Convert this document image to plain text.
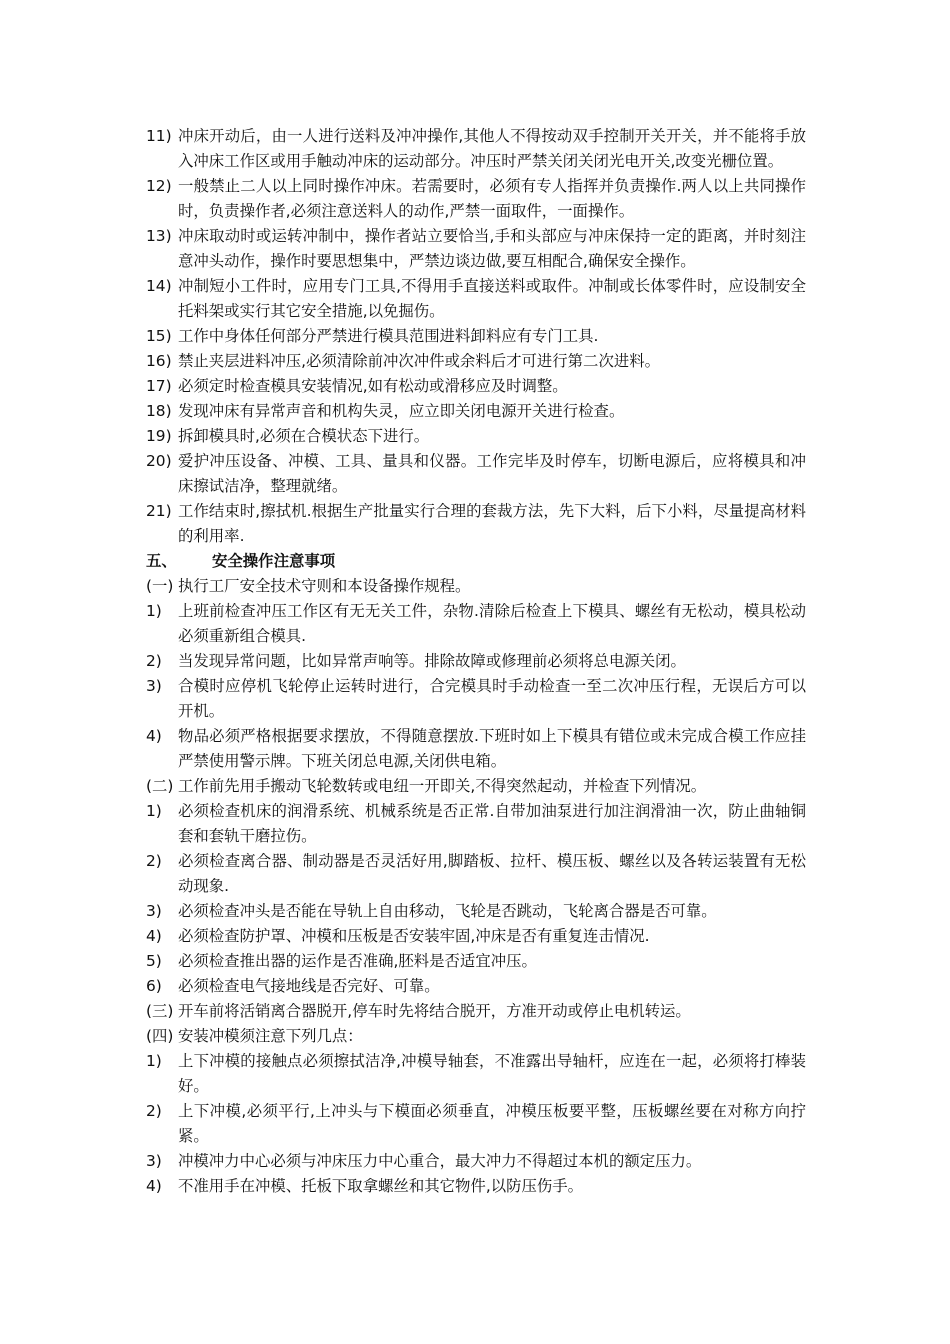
11) 冲床开动后，由一人进行送料及冲冲操作,其他人不得按动双手控制开关开关，并不能将手放入冲床工作区或用手触动冲床的运动部分。冲压时严禁关闭关闭光电开关,改变光栅位置。
12) 一般禁止二人以上同时操作冲床。若需要时，必须有专人指挥并负责操作.两人以上共同操作时，负责操作者,必须注意送料人的动作,严禁一面取件，一面操作。
13) 冲床取动时或运转冲制中，操作者站立要恰当,手和头部应与冲床保持一定的距离，并时刻注意冲头动作，操作时要思想集中，严禁边谈边做,要互相配合,确保安全操作。
14) 冲制短小工件时，应用专门工具,不得用手直接送料或取件。冲制或长体零件时，应设制安全托料架或实行其它安全措施,以免掘伤。
15) 工作中身体任何部分严禁进行模具范围进料卸料应有专门工具.
16) 禁止夹层进料冲压,必须清除前冲次冲件或余料后才可进行第二次进料。
17) 必须定时检查模具安装情况,如有松动或滑移应及时调整。
18) 发现冲床有异常声音和机构失灵，应立即关闭电源开关进行检查。
19) 拆卸模具时,必须在合模状态下进行。
20) 爱护冲压设备、冲模、工具、量具和仪器。工作完毕及时停车，切断电源后，应将模具和冲床擦试洁净，整理就绪。
21) 工作结束时,擦拭机.根据生产批量实行合理的套裁方法，先下大料，后下小料，尽量提高材料的利用率.
五、	安全操作注意事项
(一) 执行工厂安全技术守则和本设备操作规程。
1)	上班前检查冲压工作区有无无关工件，杂物.清除后检查上下模具、螺丝有无松动，模具松动必须重新组合模具.
2)	当发现异常问题，比如异常声响等。排除故障或修理前必须将总电源关闭。
3)	合模时应停机飞轮停止运转时进行，合完模具时手动检查一至二次冲压行程，无误后方可以开机。
4)	物品必须严格根据要求摆放，不得随意摆放.下班时如上下模具有错位或未完成合模工作应挂严禁使用警示牌。下班关闭总电源,关闭供电箱。
(二) 工作前先用手搬动飞轮数转或电纽一开即关,不得突然起动，并检查下列情况。
1)	必须检查机床的润滑系统、机械系统是否正常.自带加油泵进行加注润滑油一次，防止曲轴铜套和套轨干磨拉伤。
2)	必须检查离合器、制动器是否灵活好用,脚踏板、拉杆、模压板、螺丝以及各转运装置有无松动现象.
3)	必须检查冲头是否能在导轨上自由移动，飞轮是否跳动，飞轮离合器是否可靠。
4)	必须检查防护罩、冲模和压板是否安装牢固,冲床是否有重复连击情况.
5)	必须检查推出器的运作是否准确,胚料是否适宜冲压。
6)	必须检查电气接地线是否完好、可靠。
(三) 开车前将活销离合器脱开,停车时先将结合脱开，方准开动或停止电机转运。
(四) 安装冲模须注意下列几点：
1)	上下冲模的接触点必须擦拭洁净,冲模导轴套，不准露出导轴杆，应连在一起，必须将打棒装好。
2)	上下冲模,必须平行,上冲头与下模面必须垂直，冲模压板要平整，压板螺丝要在对称方向拧紧。
3)	冲模冲力中心必须与冲床压力中心重合，最大冲力不得超过本机的额定压力。
4)	不准用手在冲模、托板下取拿螺丝和其它物件,以防压伤手。
